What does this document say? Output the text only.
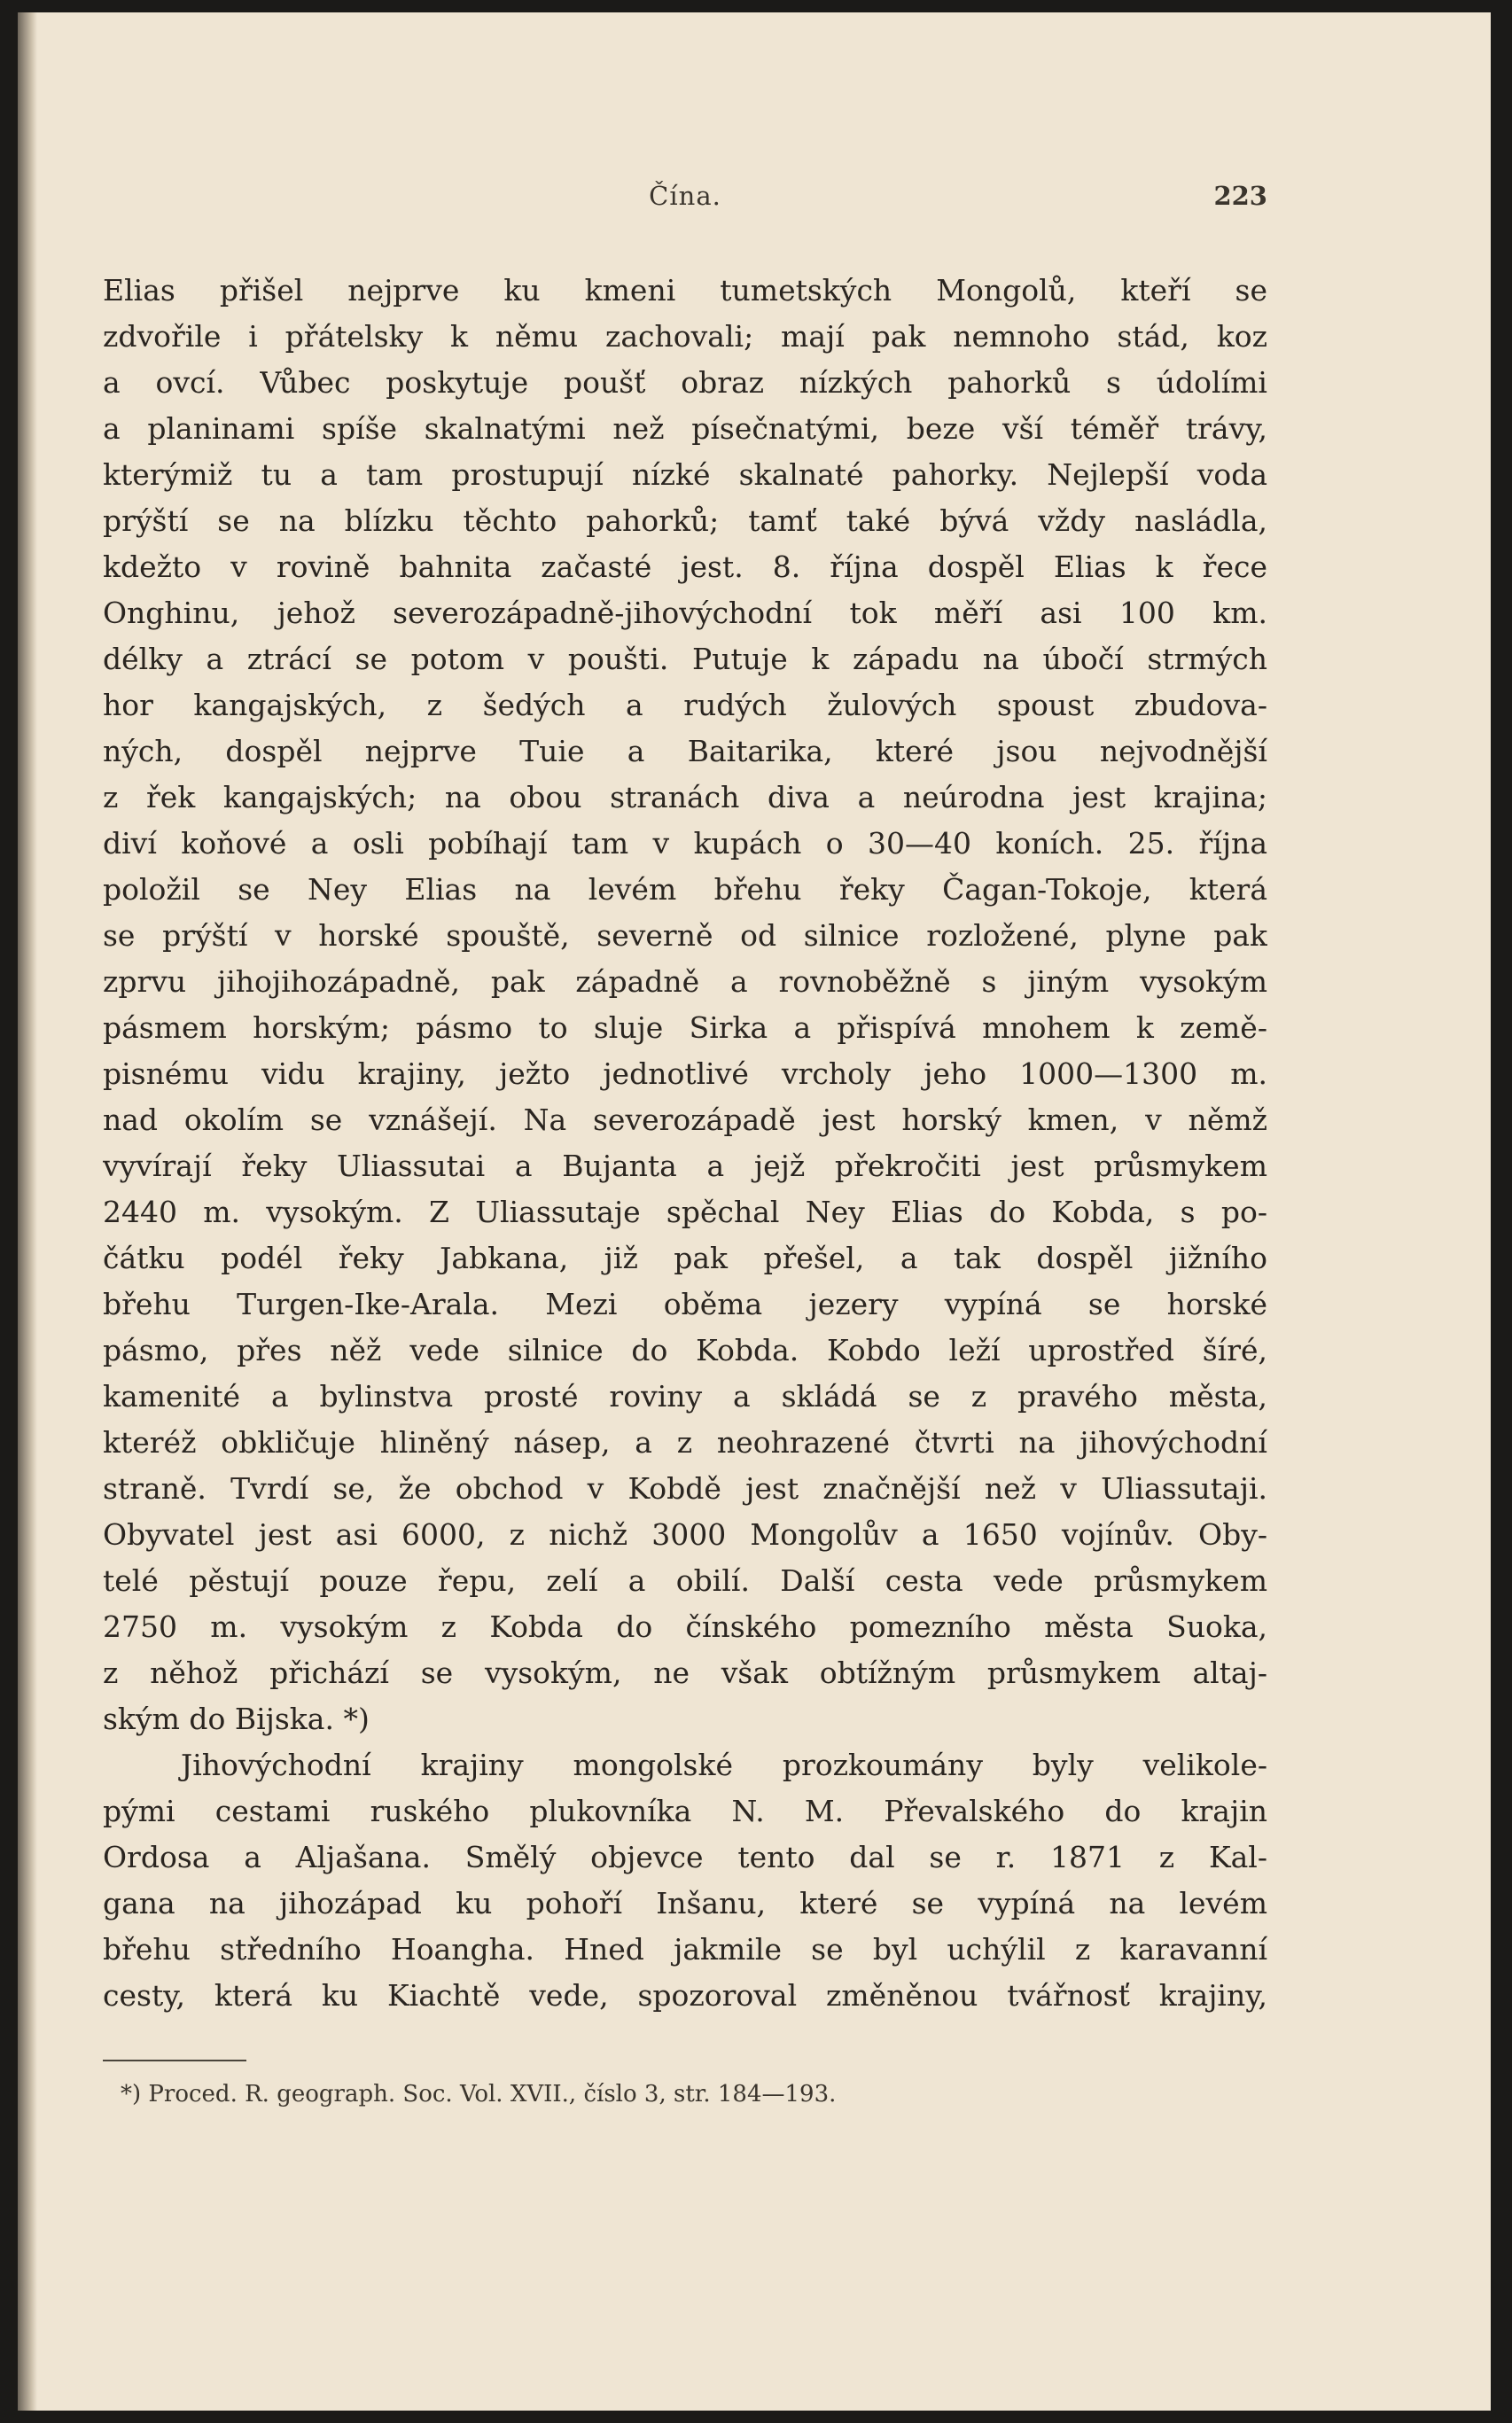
Čína.	223
Elias přišel nejprve ku kmeni tumetských Mongolů, kteří se
zdvořile i přátelsky k němu zachovali; mají pak nemnoho stád, koz
a ovcí. Vůbec poskytuje poušť obraz nízkých pahorků s údolími
a planinami spíše skalnatými než písečnatými, beze vší téměř trávy,
kterýmiž tu a tam prostupují nízké skalnaté pahorky. Nejlepší voda
prýští se na blízku těchto pahorků; tamť také bývá vždy nasládla,
kdežto v rovině bahnita začasté jest. 8. října dospěl Elias k řece
Onghinu, jehož severozápadně-jihovýchodní tok měří asi 100 km.
délky a ztrácí se potom v poušti. Putuje k západu na úbočí strmých
hor kangajských, z šedých a rudých žulových spoust zbudova-
ných, dospěl nejprve Tuie a Baitarika, které jsou nejvodnější
z řek kangajských; na obou stranách diva a neúrodna jest krajina;
diví koňové a osli pobíhají tam v kupách o 30—40 koních. 25. října
položil se Ney Elias na levém břehu řeky Čagan-Tokoje, která
se prýští v horské spouště, severně od silnice rozložené, plyne pak
zprvu jihojihozápadně, pak západně a rovnoběžně s jiným vysokým
pásmem horským; pásmo to sluje Sirka a přispívá mnohem k země-
pisnému vidu krajiny, ježto jednotlivé vrcholy jeho 1000—1300 m.
nad okolím se vznášejí. Na severozápadě jest horský kmen, v němž
vyvírají řeky Uliassutai a Bujanta a jejž překročiti jest průsmykem
2440 m. vysokým. Z Uliassutaje spěchal Ney Elias do Kobda, s po-
čátku podél řeky Jabkana, již pak přešel, a tak dospěl jižního
břehu Turgen-Ike-Arala. Mezi oběma jezery vypíná se horské
pásmo, přes něž vede silnice do Kobda. Kobdo leží uprostřed šíré,
kamenité a bylinstva prosté roviny a skládá se z pravého města,
kteréž obkličuje hliněný násep, a z neohrazené čtvrti na jihovýchodní
straně. Tvrdí se, že obchod v Kobdě jest značnější než v Uliassutaji.
Obyvatel jest asi 6000, z nichž 3000 Mongolův a 1650 vojínův. Oby-
telé pěstují pouze řepu, zelí a obilí. Další cesta vede průsmykem
2750 m. vysokým z Kobda do čínského pomezního města Suoka,
z něhož přichází se vysokým, ne však obtížným průsmykem altaj-
ským do Bijska. *)
Jihovýchodní krajiny mongolské prozkoumány byly velikole-
pými cestami ruského plukovníka N. M. Převalského do krajin
Ordosa a Aljašana. Smělý objevce tento dal se r. 1871 z Kal-
gana na jihozápad ku pohoří Inšanu, které se vypíná na levém
břehu středního Hoangha. Hned jakmile se byl uchýlil z karavanní
cesty, která ku Kiachtě vede, spozoroval změněnou tvářnosť krajiny,
*) Proced. R. geograph. Soc. Vol. XVII., číslo 3, str. 184—193.
